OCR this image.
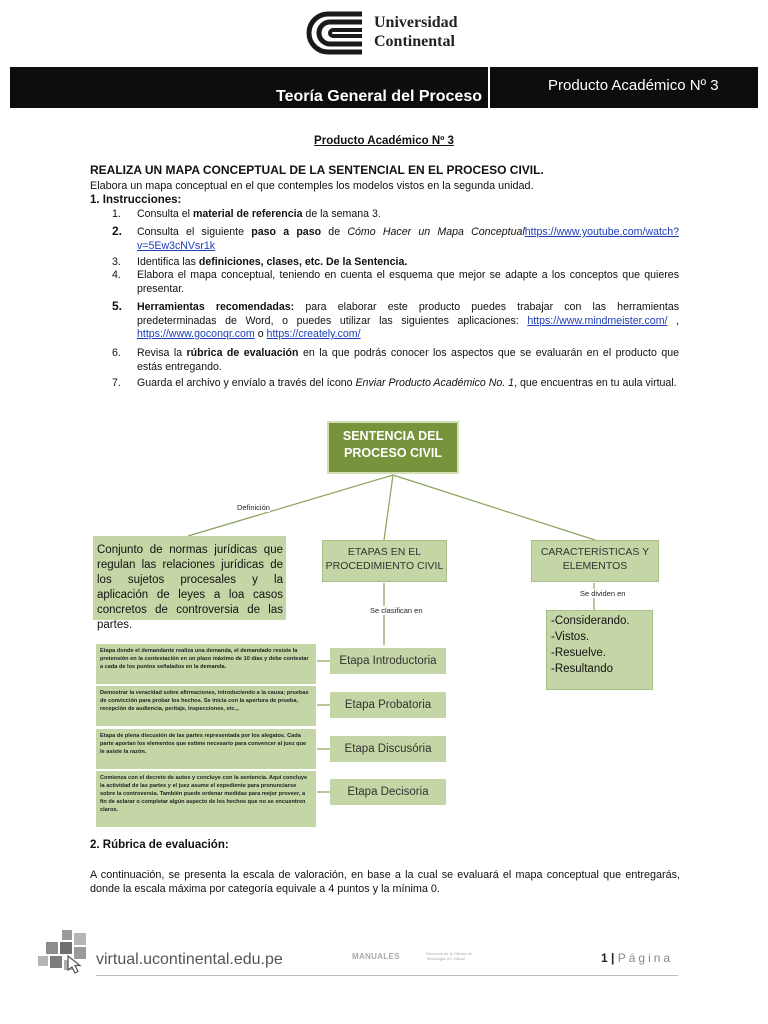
Universidad
Continental
Teoría General del Proceso
Producto Académico Nº 3
Producto Académico Nº 3
REALIZA UN MAPA CONCEPTUAL DE LA SENTENCIAL EN EL PROCESO CIVIL.
Elabora un mapa conceptual en el que contemples los modelos vistos en la segunda unidad.
1. Instrucciones:
1. Consulta el material de referencia de la semana 3.
2. Consulta el siguiente paso a paso de Cómo Hacer un Mapa Conceptualhttps://www.youtube.com/watch?v=5Ew3cNVsr1k
3. Identifica las definiciones, clases, etc. De la Sentencia.
4. Elabora el mapa conceptual, teniendo en cuenta el esquema que mejor se adapte a los conceptos que quieres presentar.
5. Herramientas recomendadas: para elaborar este producto puedes trabajar con las herramientas predeterminadas de Word, o puedes utilizar las siguientes aplicaciones: https://www.mindmeister.com/ , https://www.goconqr.com o https://creately.com/
6. Revisa la rúbrica de evaluación en la que podrás conocer los aspectos que se evaluarán en el producto que estás entregando.
7. Guarda el archivo y envíalo a través del ícono Enviar Producto Académico No. 1, que encuentras en tu aula virtual.
SENTENCIA DEL PROCESO CIVIL
Definición
Conjunto de normas jurídicas que regulan las relaciones jurídicas de los sujetos procesales y la aplicación de leyes a loa casos concretos de controversia de las partes.
ETAPAS EN EL PROCEDIMIENTO CIVIL
CARACTERÍSTICAS Y ELEMENTOS
Se clasifican en
Se dividen en
-Considerando.
-Vistos.
-Resuelve.
-Resultando
Etapa donde el demandante realiza una demanda, el demandado resiste la pretensión en la contestación en un plazo máximo de 10 días y debe contestar a cada de los puntos señalados en la demanda.
Demostrar la veracidad sobre afirmaciones, introduciendo a la causa; pruebas de convicción para probar los hechos. Se inicia con la apertura de prueba, recepción de audiencia, peritaje, inspecciones, etc.,.
Etapa de plena discusión de las partes representada por los alegatos. Cada parte aportan los elementos que estime necesario para convencer al juez que le asiste la razón.
Comienza con el decreto de autos y concluye con la sentencia. Aquí concluye la actividad de las partes y el juez asume el expediente para pronunciarse sobre la controversia. También puede ordenar medidas para mejor proveer, a fin de aclarar o completar algún aspecto de los hechos que no se encuentren claros.
Etapa Introductoria
Etapa Probatoria
Etapa Discusória
Etapa Decisoria
2. Rúbrica de evaluación:
A continuación, se presenta la escala de valoración, en base a la cual se evaluará el mapa conceptual que entregarás, donde la escala máxima por categoría equivale a 4 puntos y la mínima 0.
virtual.ucontinental.edu.pe	MANUALES	Recursos de la Oficina de Tecnología UC Virtual	1 | Página
